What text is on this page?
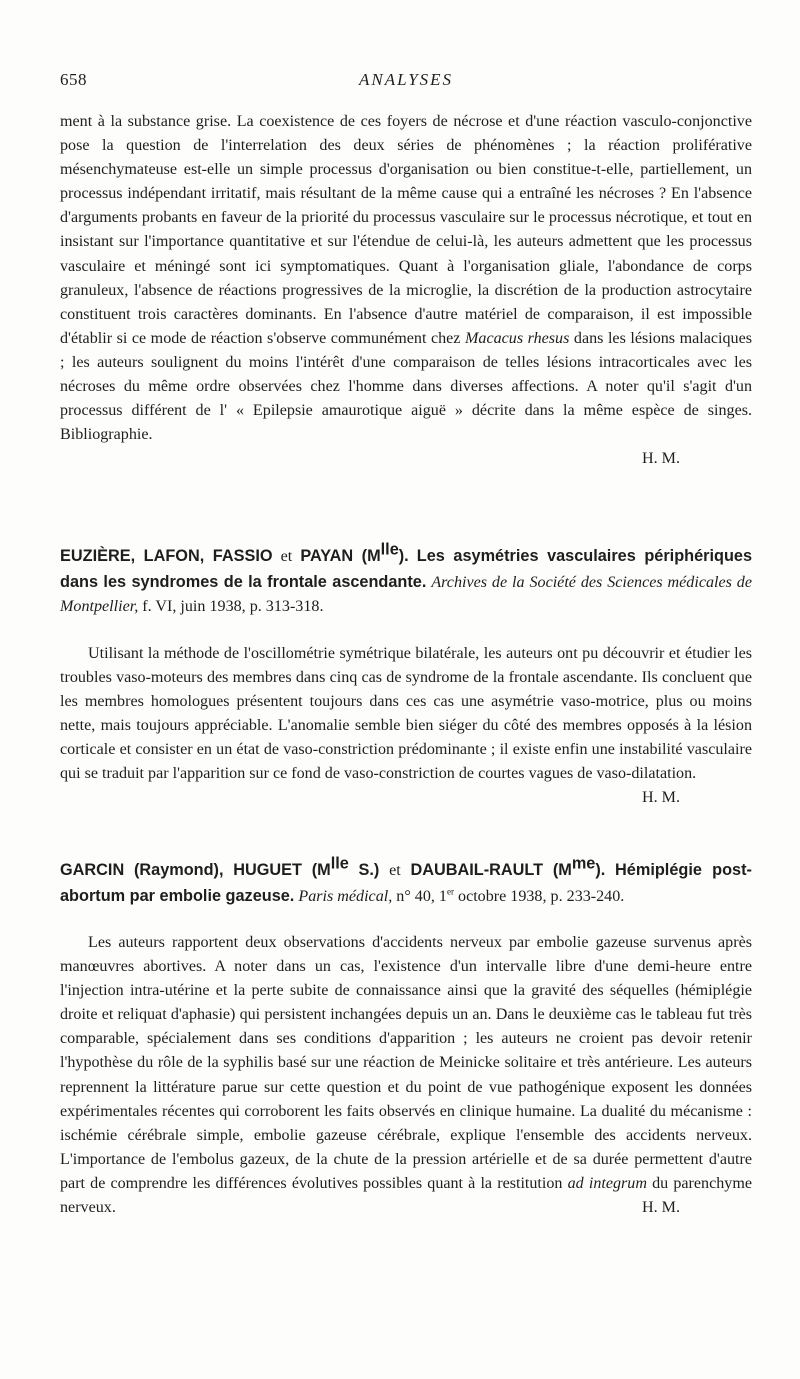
658	ANALYSES

ment à la substance grise. La coexistence de ces foyers de nécrose et d'une réaction vasculo-conjonctive pose la question de l'interrelation des deux séries de phénomènes ; la réaction proliférative mésenchymateuse est-elle un simple processus d'organisation ou bien constitue-t-elle, partiellement, un processus indépendant irritatif, mais résultant de la même cause qui a entraîné les nécroses ? En l'absence d'arguments probants en faveur de la priorité du processus vasculaire sur le processus nécrotique, et tout en insistant sur l'importance quantitative et sur l'étendue de celui-là, les auteurs admettent que les processus vasculaire et méningé sont ici symptomatiques. Quant à l'organisation gliale, l'abondance de corps granuleux, l'absence de réactions progressives de la microglie, la discrétion de la production astrocytaire constituent trois caractères dominants. En l'absence d'autre matériel de comparaison, il est impossible d'établir si ce mode de réaction s'observe communément chez Macacus rhesus dans les lésions malaciques ; les auteurs soulignent du moins l'intérêt d'une comparaison de telles lésions intracorticales avec les nécroses du même ordre observées chez l'homme dans diverses affections. A noter qu'il s'agit d'un processus différent de l' « Epilepsie amaurotique aiguë » décrite dans la même espèce de singes. Bibliographie.

H. M.

EUZIÈRE, LAFON, FASSIO et PAYAN $(M^{lle})$. Les asymétries vasculaires périphériques dans les syndromes de la frontale ascendante. Archives de la Société des Sciences médicales de Montpellier, f. VI, juin 1938, p. 313-318.

Utilisant la méthode de l'oscillométrie symétrique bilatérale, les auteurs ont pu découvrir et étudier les troubles vaso-moteurs des membres dans cinq cas de syndrome de la frontale ascendante. Ils concluent que les membres homologues présentent toujours dans ces cas une asymétrie vaso-motrice, plus ou moins nette, mais toujours appréciable. L'anomalie semble bien siéger du côté des membres opposés à la lésion corticale et consister en un état de vaso-constriction prédominante ; il existe enfin une instabilité vasculaire qui se traduit par l'apparition sur ce fond de vaso-constriction de courtes vagues de vaso-dilatation.
H. M.

GARCIN (Raymond), HUGUET ($M^{lle}$ S.) et DAUBAIL-RAULT $(M^{me})$. Hémiplégie post-abortum par embolie gazeuse. Paris médical, n° 40, 1er octobre 1938, p. 233-240.

Les auteurs rapportent deux observations d'accidents nerveux par embolie gazeuse survenus après manœuvres abortives. A noter dans un cas, l'existence d'un intervalle libre d'une demi-heure entre l'injection intra-utérine et la perte subite de connaissance ainsi que la gravité des séquelles (hémiplégie droite et reliquat d'aphasie) qui persistent inchangées depuis un an. Dans le deuxième cas le tableau fut très comparable, spécialement dans ses conditions d'apparition ; les auteurs ne croient pas devoir retenir l'hypothèse du rôle de la syphilis basé sur une réaction de Meinicke solitaire et très antérieure. Les auteurs reprennent la littérature parue sur cette question et du point de vue pathogénique exposent les données expérimentales récentes qui corroborent les faits observés en clinique humaine. La dualité du mécanisme : ischémie cérébrale simple, embolie gazeuse cérébrale, explique l'ensemble des accidents nerveux. L'importance de l'embolus gazeux, de la chute de la pression artérielle et de sa durée permettent d'autre part de comprendre les différences évolutives possibles quant à la restitution ad integrum du parenchyme nerveux.	H. M.
